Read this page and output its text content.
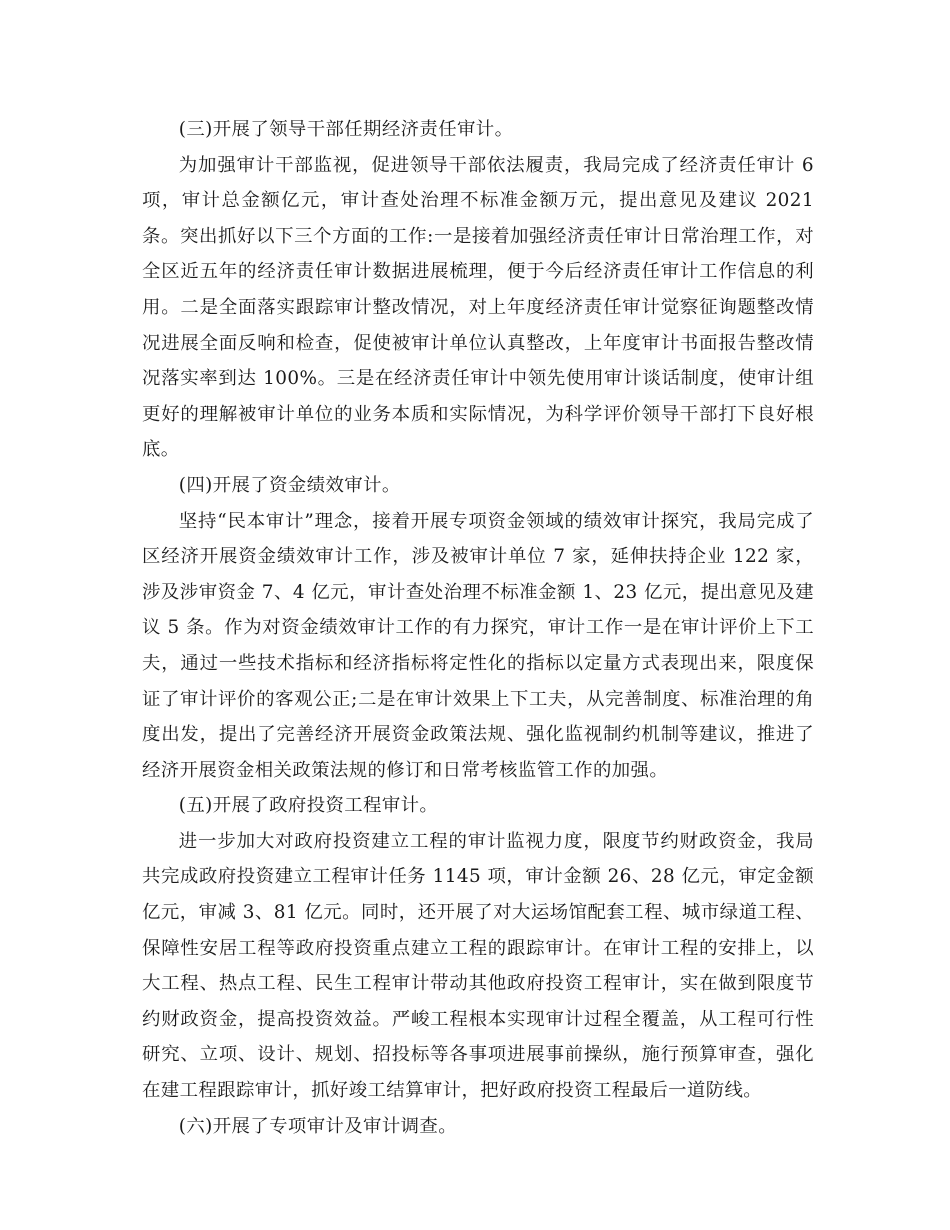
(三)开展了领导干部任期经济责任审计。

为加强审计干部监视，促进领导干部依法履责，我局完成了经济责任审计 6 项，审计总金额亿元，审计查处治理不标准金额万元，提出意见及建议 2021 条。突出抓好以下三个方面的工作:一是接着加强经济责任审计日常治理工作，对全区近五年的经济责任审计数据进展梳理，便于今后经济责任审计工作信息的利用。二是全面落实跟踪审计整改情况，对上年度经济责任审计觉察征询题整改情况进展全面反响和检查，促使被审计单位认真整改，上年度审计书面报告整改情况落实率到达 100%。三是在经济责任审计中领先使用审计谈话制度，使审计组更好的理解被审计单位的业务本质和实际情况，为科学评价领导干部打下良好根底。

(四)开展了资金绩效审计。

坚持“民本审计”理念，接着开展专项资金领域的绩效审计探究，我局完成了区经济开展资金绩效审计工作，涉及被审计单位 7 家，延伸扶持企业 122 家，涉及涉审资金 7、4 亿元，审计查处治理不标准金额 1、23 亿元，提出意见及建议 5 条。作为对资金绩效审计工作的有力探究，审计工作一是在审计评价上下工夫，通过一些技术指标和经济指标将定性化的指标以定量方式表现出来，限度保证了审计评价的客观公正;二是在审计效果上下工夫，从完善制度、标准治理的角度出发，提出了完善经济开展资金政策法规、强化监视制约机制等建议，推进了经济开展资金相关政策法规的修订和日常考核监管工作的加强。

(五)开展了政府投资工程审计。

进一步加大对政府投资建立工程的审计监视力度，限度节约财政资金，我局共完成政府投资建立工程审计任务 1145 项，审计金额 26、28 亿元，审定金额亿元，审减 3、81 亿元。同时，还开展了对大运场馆配套工程、城市绿道工程、保障性安居工程等政府投资重点建立工程的跟踪审计。在审计工程的安排上，以大工程、热点工程、民生工程审计带动其他政府投资工程审计，实在做到限度节约财政资金，提高投资效益。严峻工程根本实现审计过程全覆盖，从工程可行性研究、立项、设计、规划、招投标等各事项进展事前操纵，施行预算审查，强化在建工程跟踪审计，抓好竣工结算审计，把好政府投资工程最后一道防线。

(六)开展了专项审计及审计调查。
